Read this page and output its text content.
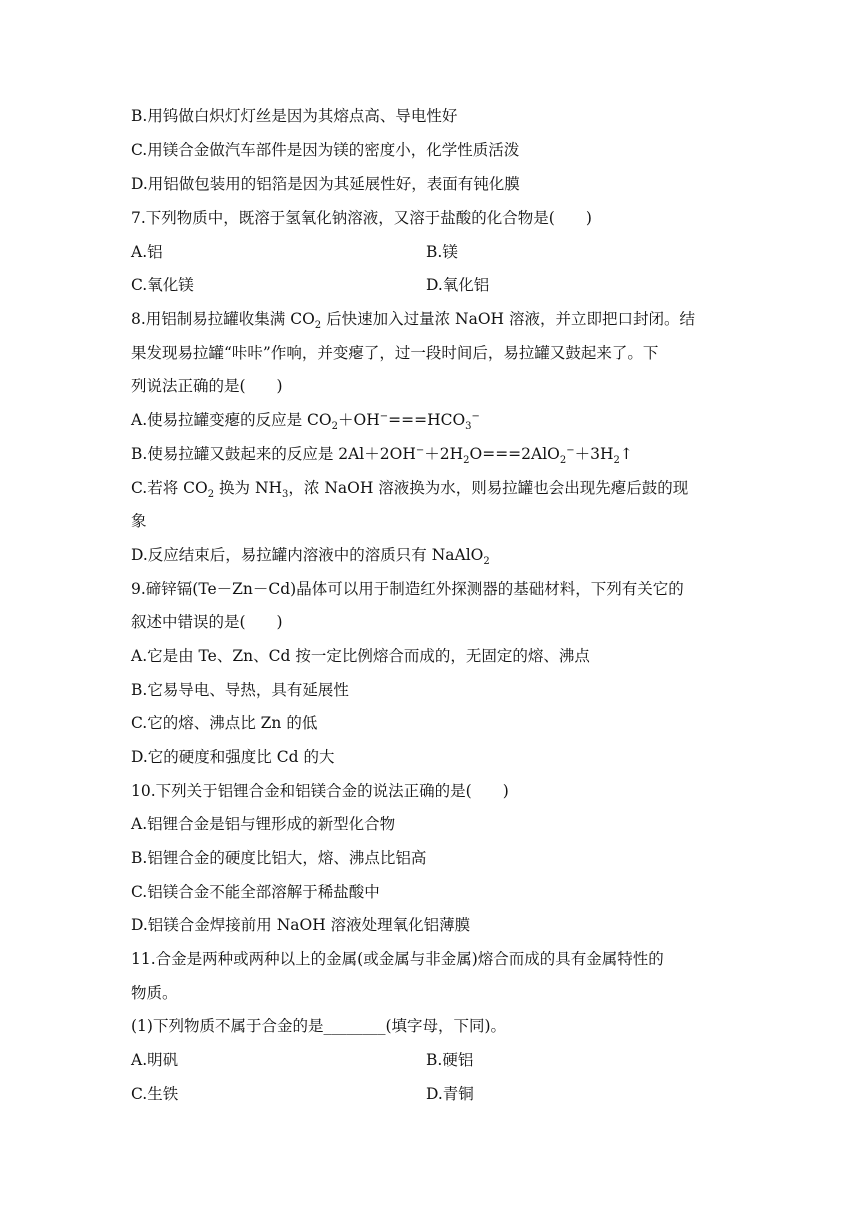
B.用钨做白炽灯灯丝是因为其熔点高、导电性好
C.用镁合金做汽车部件是因为镁的密度小，化学性质活泼
D.用铝做包装用的铝箔是因为其延展性好，表面有钝化膜
7.下列物质中，既溶于氢氧化钠溶液，又溶于盐酸的化合物是(　　)
A.铝	B.镁
C.氧化镁	D.氧化铝
8.用铝制易拉罐收集满 $CO_2$ 后快速加入过量浓 NaOH 溶液，并立即把口封闭。结
果发现易拉罐“咔咔”作响，并变瘪了，过一段时间后，易拉罐又鼓起来了。下
列说法正确的是(　　)
A.使易拉罐变瘪的反应是 $CO_2+OH^-===HCO_3^-$
B.使易拉罐又鼓起来的反应是 $2Al+2OH^-+2H_2O===2AlO_2^-+3H_2↑$
C.若将 $CO_2$ 换为 $NH_3$，浓 NaOH 溶液换为水，则易拉罐也会出现先瘪后鼓的现
象
D.反应结束后，易拉罐内溶液中的溶质只有 NaAlO$_2$
9.碲锌镉(Te－Zn－Cd)晶体可以用于制造红外探测器的基础材料，下列有关它的
叙述中错误的是(　　)
A.它是由 Te、Zn、Cd 按一定比例熔合而成的，无固定的熔、沸点
B.它易导电、导热，具有延展性
C.它的熔、沸点比 Zn 的低
D.它的硬度和强度比 Cd 的大
10.下列关于铝锂合金和铝镁合金的说法正确的是(　　)
A.铝锂合金是铝与锂形成的新型化合物
B.铝锂合金的硬度比铝大，熔、沸点比铝高
C.铝镁合金不能全部溶解于稀盐酸中
D.铝镁合金焊接前用 NaOH 溶液处理氧化铝薄膜
11.合金是两种或两种以上的金属(或金属与非金属)熔合而成的具有金属特性的
物质。
(1)下列物质不属于合金的是________(填字母，下同)。
A.明矾	B.硬铝
C.生铁	D.青铜
